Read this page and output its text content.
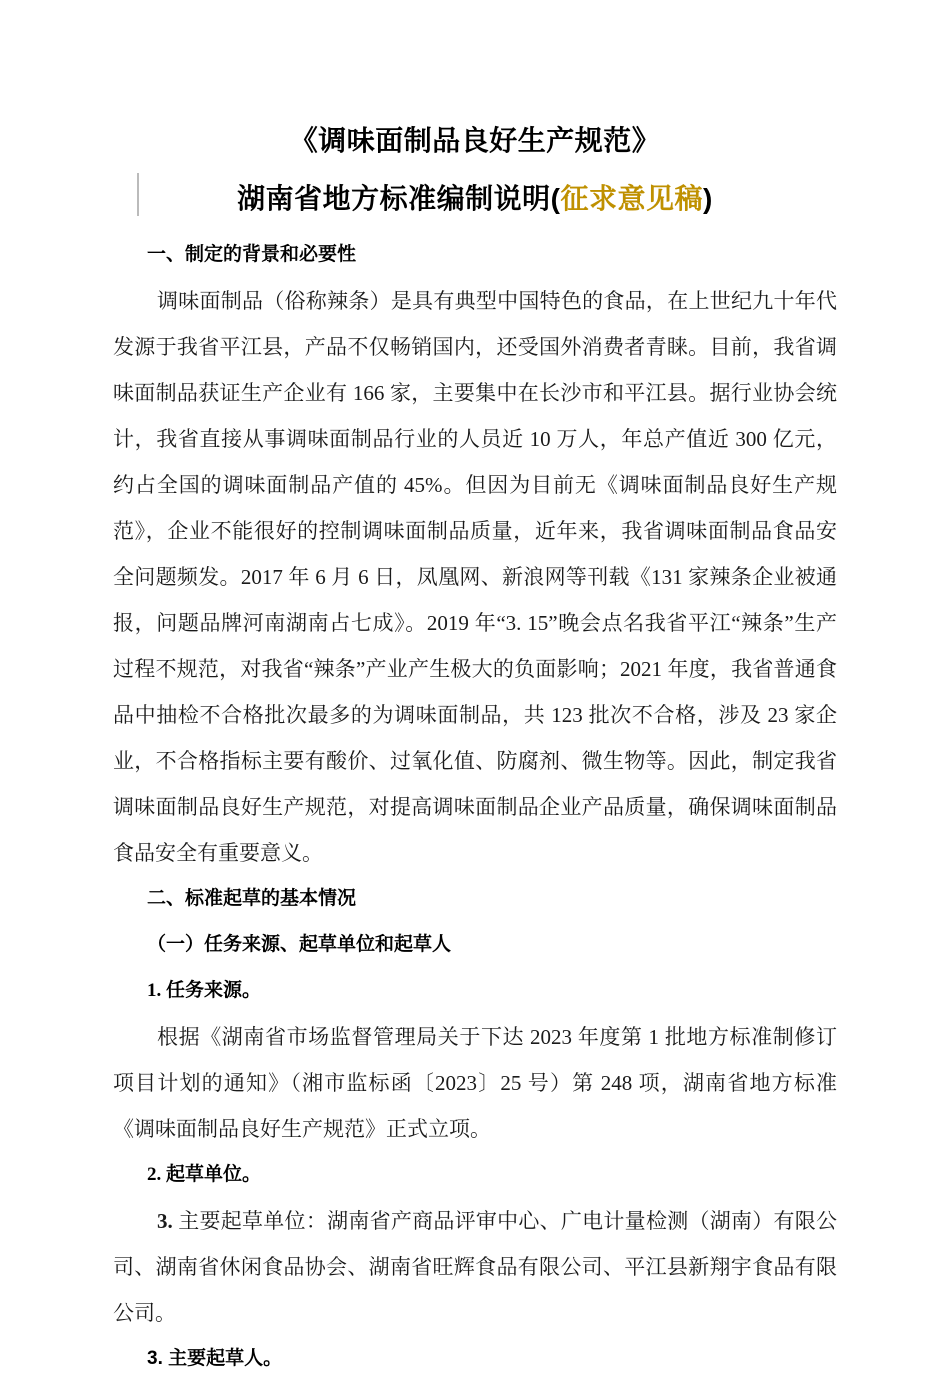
《调味面制品良好生产规范》
湖南省地方标准编制说明(征求意见稿)
一、制定的背景和必要性

调味面制品（俗称辣条）是具有典型中国特色的食品，在上世纪九十年代发源于我省平江县，产品不仅畅销国内，还受国外消费者青睐。目前，我省调味面制品获证生产企业有 166 家，主要集中在长沙市和平江县。据行业协会统计，我省直接从事调味面制品行业的人员近 10 万人，年总产值近 300 亿元，约占全国的调味面制品产值的 45%。但因为目前无《调味面制品良好生产规范》，企业不能很好的控制调味面制品质量，近年来，我省调味面制品食品安全问题频发。2017 年 6 月 6 日，凤凰网、新浪网等刊载《131 家辣条企业被通报，问题品牌河南湖南占七成》。2019 年“3. 15”晚会点名我省平江“辣条”生产过程不规范，对我省“辣条”产业产生极大的负面影响；2021 年度，我省普通食品中抽检不合格批次最多的为调味面制品，共 123 批次不合格，涉及 23 家企业，不合格指标主要有酸价、过氧化值、防腐剂、微生物等。因此，制定我省调味面制品良好生产规范，对提高调味面制品企业产品质量，确保调味面制品食品安全有重要意义。

二、标准起草的基本情况
（一）任务来源、起草单位和起草人
1. 任务来源。

根据《湖南省市场监督管理局关于下达 2023 年度第 1 批地方标准制修订项目计划的通知》（湘市监标函〔2023〕25 号）第 248 项，湖南省地方标准《调味面制品良好生产规范》正式立项。

2. 起草单位。

3. 主要起草单位：湖南省产商品评审中心、广电计量检测（湖南）有限公司、湖南省休闲食品协会、湖南省旺辉食品有限公司、平江县新翔宇食品有限公司。

3. 主要起草人。
